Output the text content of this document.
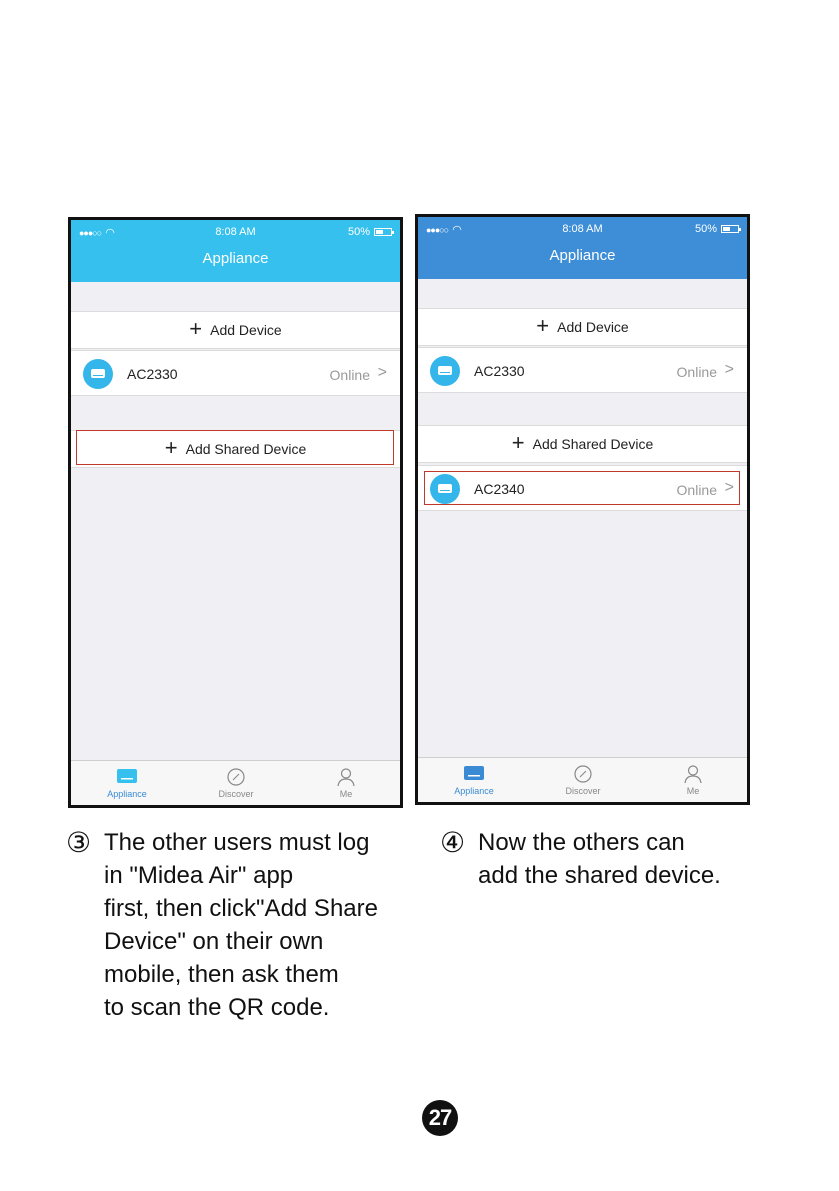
●●●○○ ◠	8:08 AM	50%
Appliance
+ Add Device
AC2330	Online >
+ Add Shared Device
Appliance	Discover	Me
●●●○○ ◠	8:08 AM	50%
Appliance
+ Add Device
AC2330	Online >
+ Add Shared Device
AC2340	Online >
Appliance	Discover	Me
③ The other users must log
in "Midea Air" app
first, then click"Add Share
Device" on their own
mobile, then ask them
to scan the QR code.
④ Now the others can
add the shared device.
27
